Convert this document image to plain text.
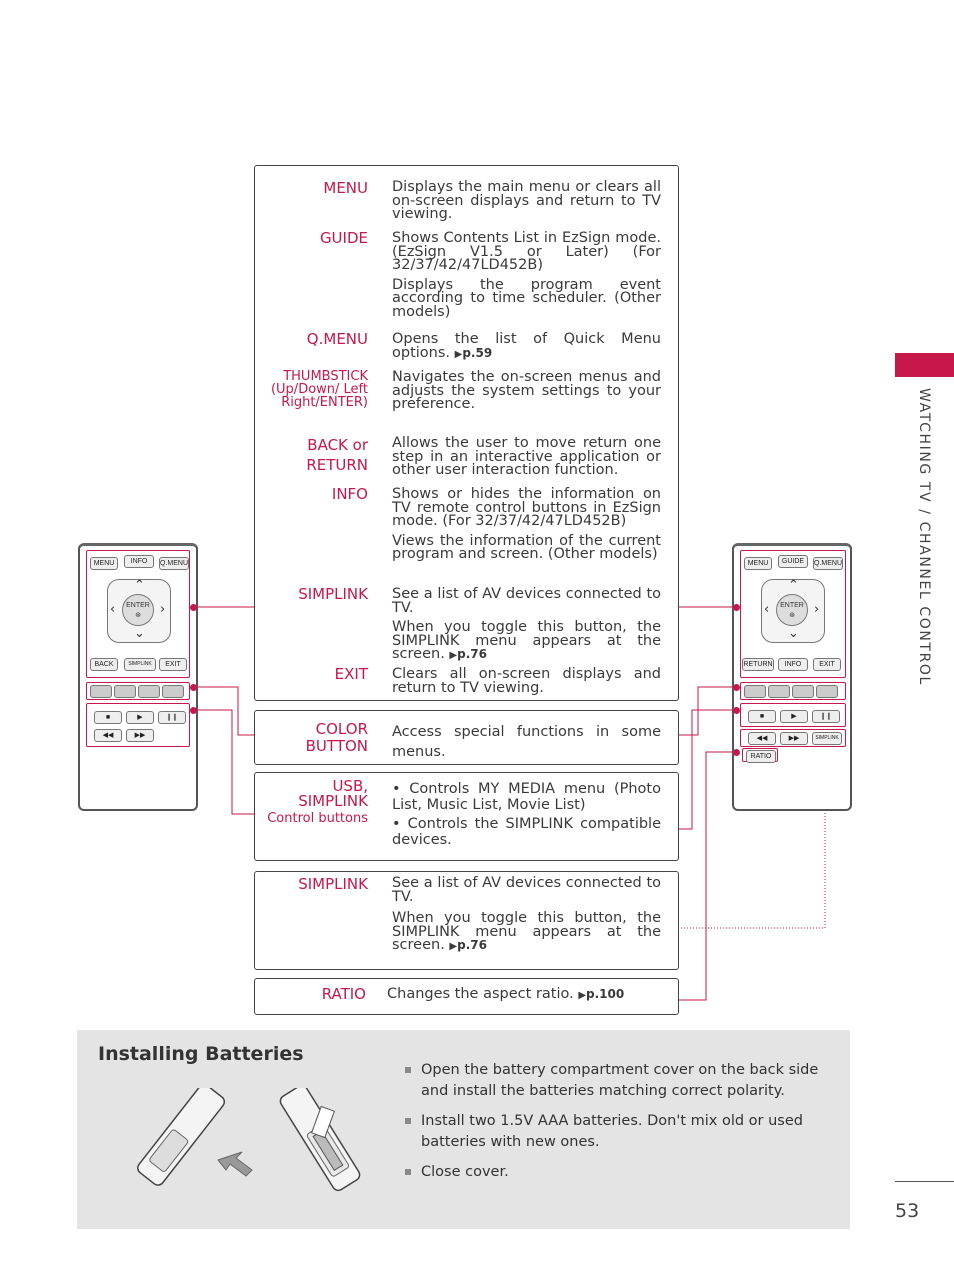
WATCHING TV / CHANNEL CONTROL
53
MENU Displays the main menu or clears all on-screen displays and return to TV viewing.

GUIDE Shows Contents List in EzSign mode. (EzSign V1.5 or Later) (For 32/37/42/47LD452B)

Displays the program event according to time scheduler. (Other models)

Q.MENU Opens the list of Quick Menu options. ▶p.59

THUMBSTICK (Up/Down/ Left Right/ENTER)

Navigates the on-screen menus and adjusts the system settings to your preference.

BACK or RETURN

Allows the user to move return one step in an interactive application or other user interaction function.

INFO Shows or hides the information on TV remote control buttons in EzSign mode. (For 32/37/42/47LD452B)

Views the information of the current program and screen. (Other models)

SIMPLINK See a list of AV devices connected to TV.

When you toggle this button, the SIMPLINK menu appears at the screen. ▶p.76

EXIT Clears all on-screen displays and return to TV viewing.

COLOR BUTTON
Access special functions in some menus.
USB, SIMPLINK
Control buttons

• Controls MY MEDIA menu (Photo List, Music List, Movie List)

• Controls the SIMPLINK compatible devices.

SIMPLINK See a list of AV devices connected to TV.

When you toggle this button, the SIMPLINK menu appears at the screen. ▶p.76

RATIO Changes the aspect ratio. ▶p.100
MENU	INFO	Q.MENU
⌃
⌄
‹	›
ENTER
⊛
BACK	SIMPLINK	EXIT
■	▶	❙❙
◀◀	▶▶
MENU	GUIDE	Q.MENU
⌃
⌄
‹	›
ENTER
⊛
RETURN	INFO	EXIT
■	▶	❙❙
◀◀	▶▶	SIMPLINK
RATIO
Installing Batteries
Open the battery compartment cover on the back side and install the batteries matching correct polarity.
Install two 1.5V AAA batteries. Don't mix old or used batteries with new ones.
Close cover.
